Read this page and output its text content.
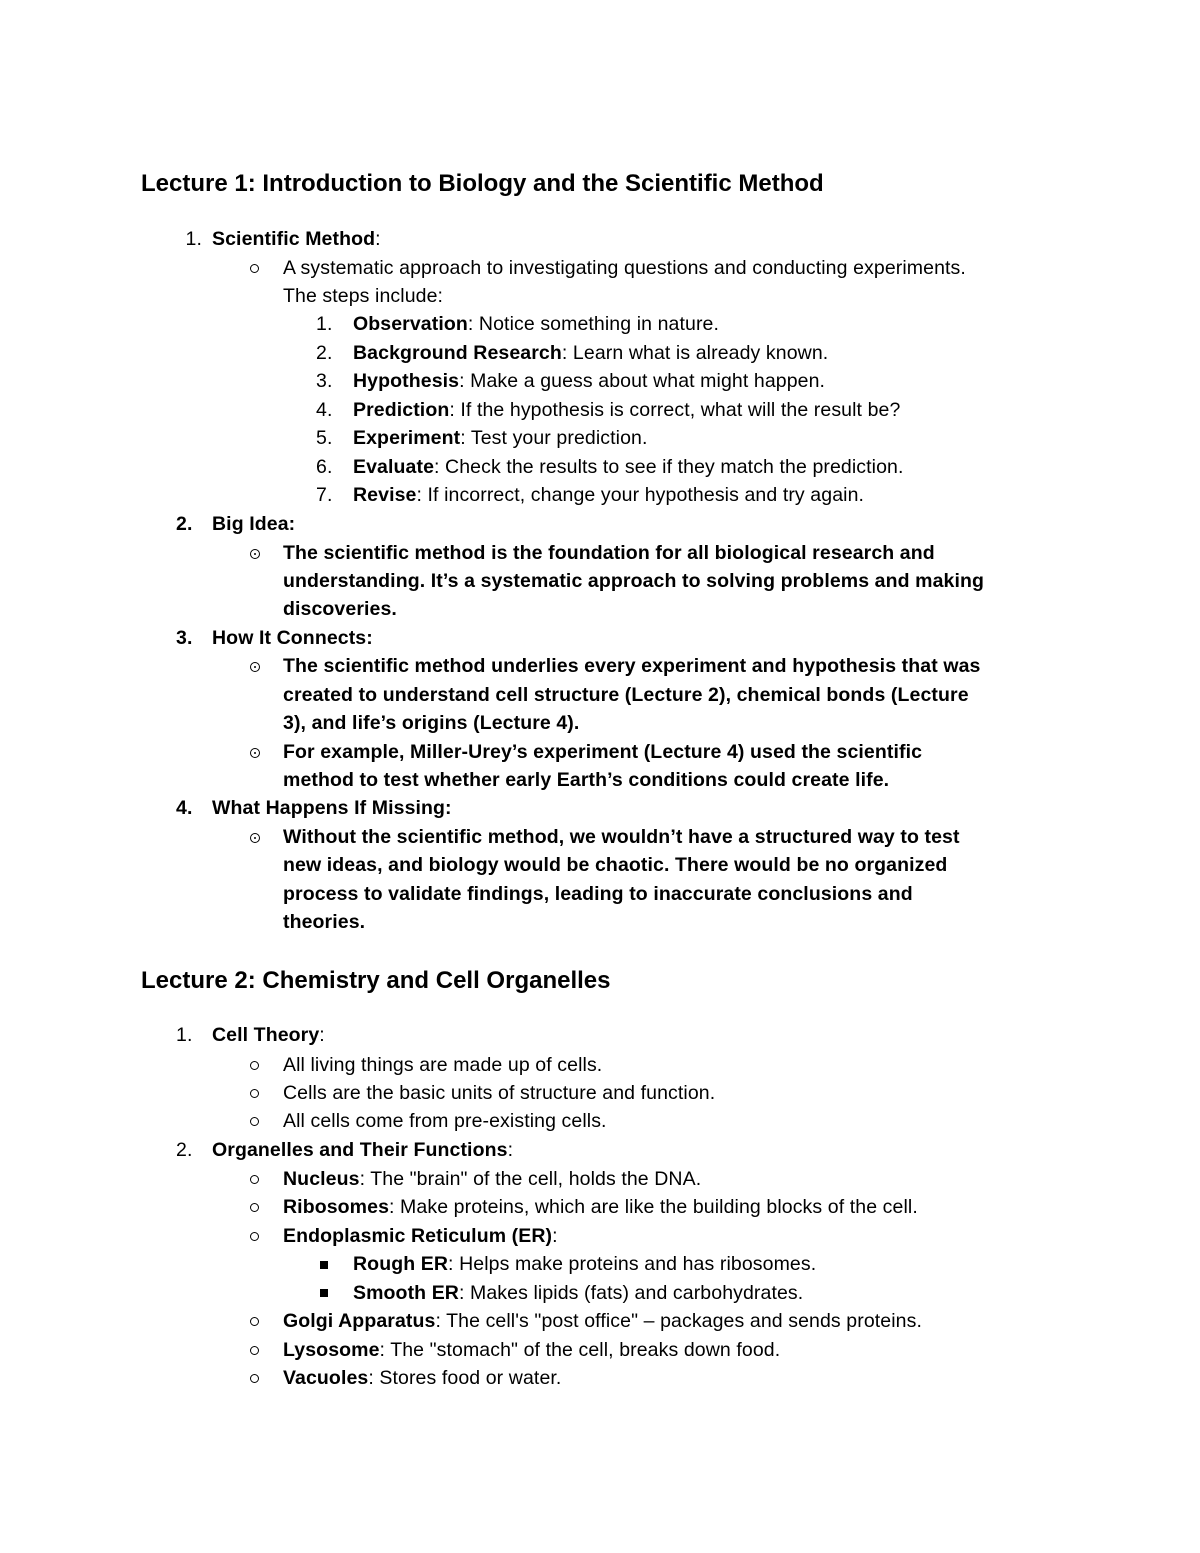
Lecture 1: Introduction to Biology and the Scientific Method
1. Scientific Method:
A systematic approach to investigating questions and conducting experiments.
The steps include:
1. Observation: Notice something in nature.
2. Background Research: Learn what is already known.
3. Hypothesis: Make a guess about what might happen.
4. Prediction: If the hypothesis is correct, what will the result be?
5. Experiment: Test your prediction.
6. Evaluate: Check the results to see if they match the prediction.
7. Revise: If incorrect, change your hypothesis and try again.
2. Big Idea:
The scientific method is the foundation for all biological research and
understanding. It’s a systematic approach to solving problems and making
discoveries.
3. How It Connects:
The scientific method underlies every experiment and hypothesis that was
created to understand cell structure (Lecture 2), chemical bonds (Lecture
3), and life’s origins (Lecture 4).
For example, Miller-Urey’s experiment (Lecture 4) used the scientific
method to test whether early Earth’s conditions could create life.
4. What Happens If Missing:
Without the scientific method, we wouldn’t have a structured way to test
new ideas, and biology would be chaotic. There would be no organized
process to validate findings, leading to inaccurate conclusions and
theories.
Lecture 2: Chemistry and Cell Organelles
1. Cell Theory:
All living things are made up of cells.
Cells are the basic units of structure and function.
All cells come from pre-existing cells.
2. Organelles and Their Functions:
Nucleus: The "brain" of the cell, holds the DNA.
Ribosomes: Make proteins, which are like the building blocks of the cell.
Endoplasmic Reticulum (ER):
Rough ER: Helps make proteins and has ribosomes.
Smooth ER: Makes lipids (fats) and carbohydrates.
Golgi Apparatus: The cell's "post office" – packages and sends proteins.
Lysosome: The "stomach" of the cell, breaks down food.
Vacuoles: Stores food or water.
